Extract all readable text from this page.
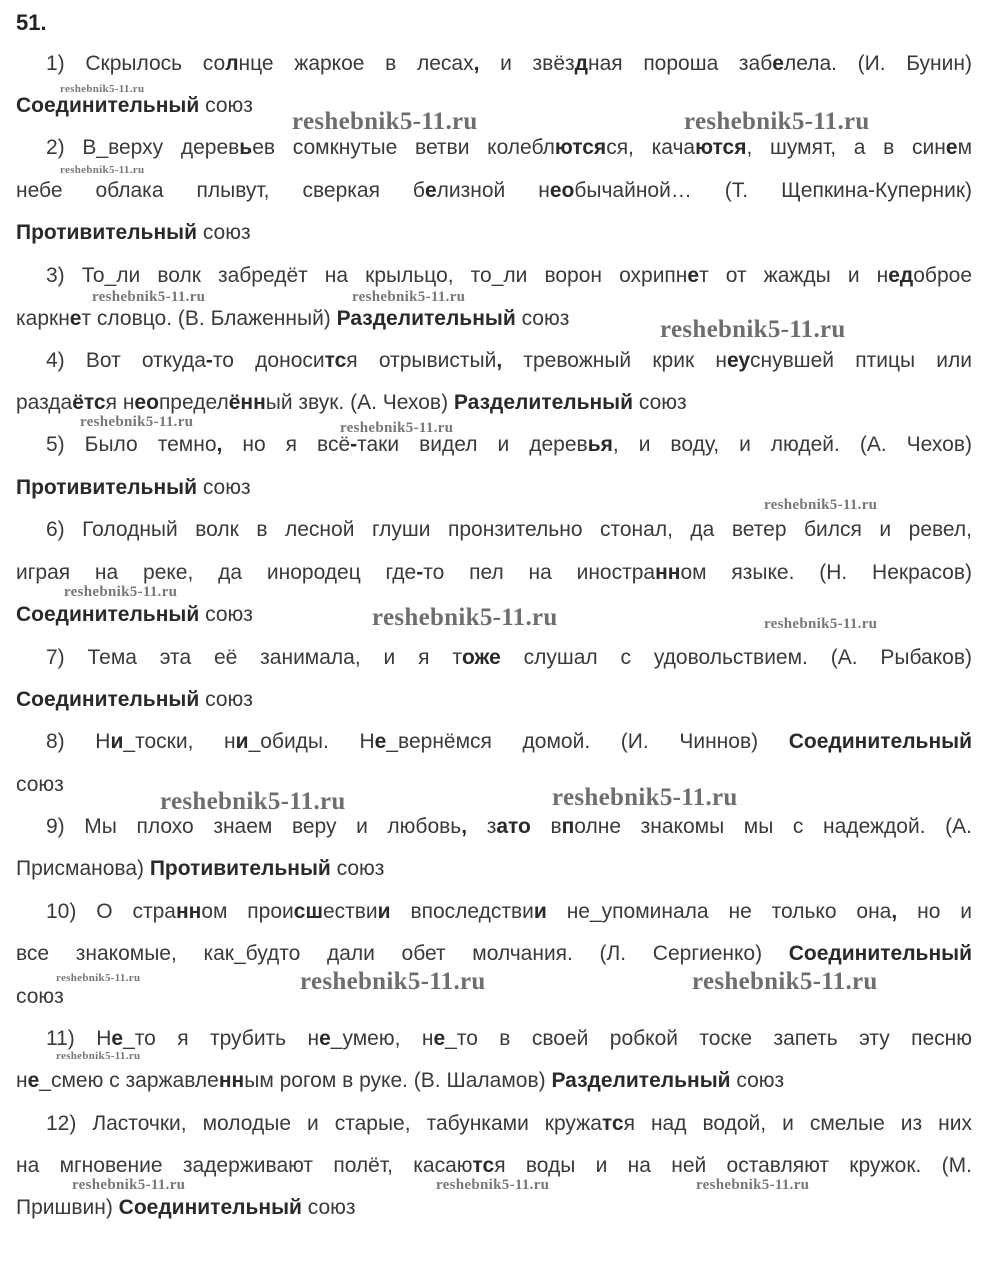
51.
1) Скрылось солнце жаркое в лесах, и звёздная пороша забелела. (И. Бунин)
Соединительный союз
2) В_верху деревьев сомкнутые ветви колеблютсяся, качаются, шумят, а в синем
небе облака плывут, сверкая белизной необычайной… (Т. Щепкина-Куперник)
Противительный союз
3) То_ли волк забредёт на крыльцо, то_ли ворон охрипнет от жажды и недоброе
каркнет словцо. (В. Блаженный) Разделительный союз
4) Вот откуда-то доносится отрывистый, тревожный крик неуснувшей птицы или
раздаётся неопределённый звук. (А. Чехов) Разделительный союз
5) Было темно, но я всё-таки видел и деревья, и воду, и людей. (А. Чехов)
Противительный союз
6) Голодный волк в лесной глуши пронзительно стонал, да ветер бился и ревел,
играя на реке, да инородец где-то пел на иностранном языке. (Н. Некрасов)
Соединительный союз
7) Тема эта её занимала, и я тоже слушал с удовольствием. (А. Рыбаков)
Соединительный союз
8) Ни_тоски, ни_обиды. Не_вернёмся домой. (И. Чиннов) Соединительный
союз
9) Мы плохо знаем веру и любовь, зато вполне знакомы мы с надеждой. (А.
Присманова) Противительный союз
10) О странном происшествии впоследствии не_упоминала не только она, но и
все знакомые, как_будто дали обет молчания. (Л. Сергиенко) Соединительный
союз
11) Не_то я трубить не_умею, не_то в своей робкой тоске запеть эту песню
не_смею с заржавленным рогом в руке. (В. Шаламов) Разделительный союз
12) Ласточки, молодые и старые, табунками кружатся над водой, и смелые из них
на мгновение задерживают полёт, касаются воды и на ней оставляют кружок. (М.
Пришвин) Соединительный союз
reshebnik5-11.ru
reshebnik5-11.ru	reshebnik5-11.ru
reshebnik5-11.ru
reshebnik5-11.ru	reshebnik5-11.ru
reshebnik5-11.ru
reshebnik5-11.ru	reshebnik5-11.ru
reshebnik5-11.ru
reshebnik5-11.ru
reshebnik5-11.ru	reshebnik5-11.ru
reshebnik5-11.ru	reshebnik5-11.ru
reshebnik5-11.ru	reshebnik5-11.ru	reshebnik5-11.ru
reshebnik5-11.ru
reshebnik5-11.ru	reshebnik5-11.ru	reshebnik5-11.ru
